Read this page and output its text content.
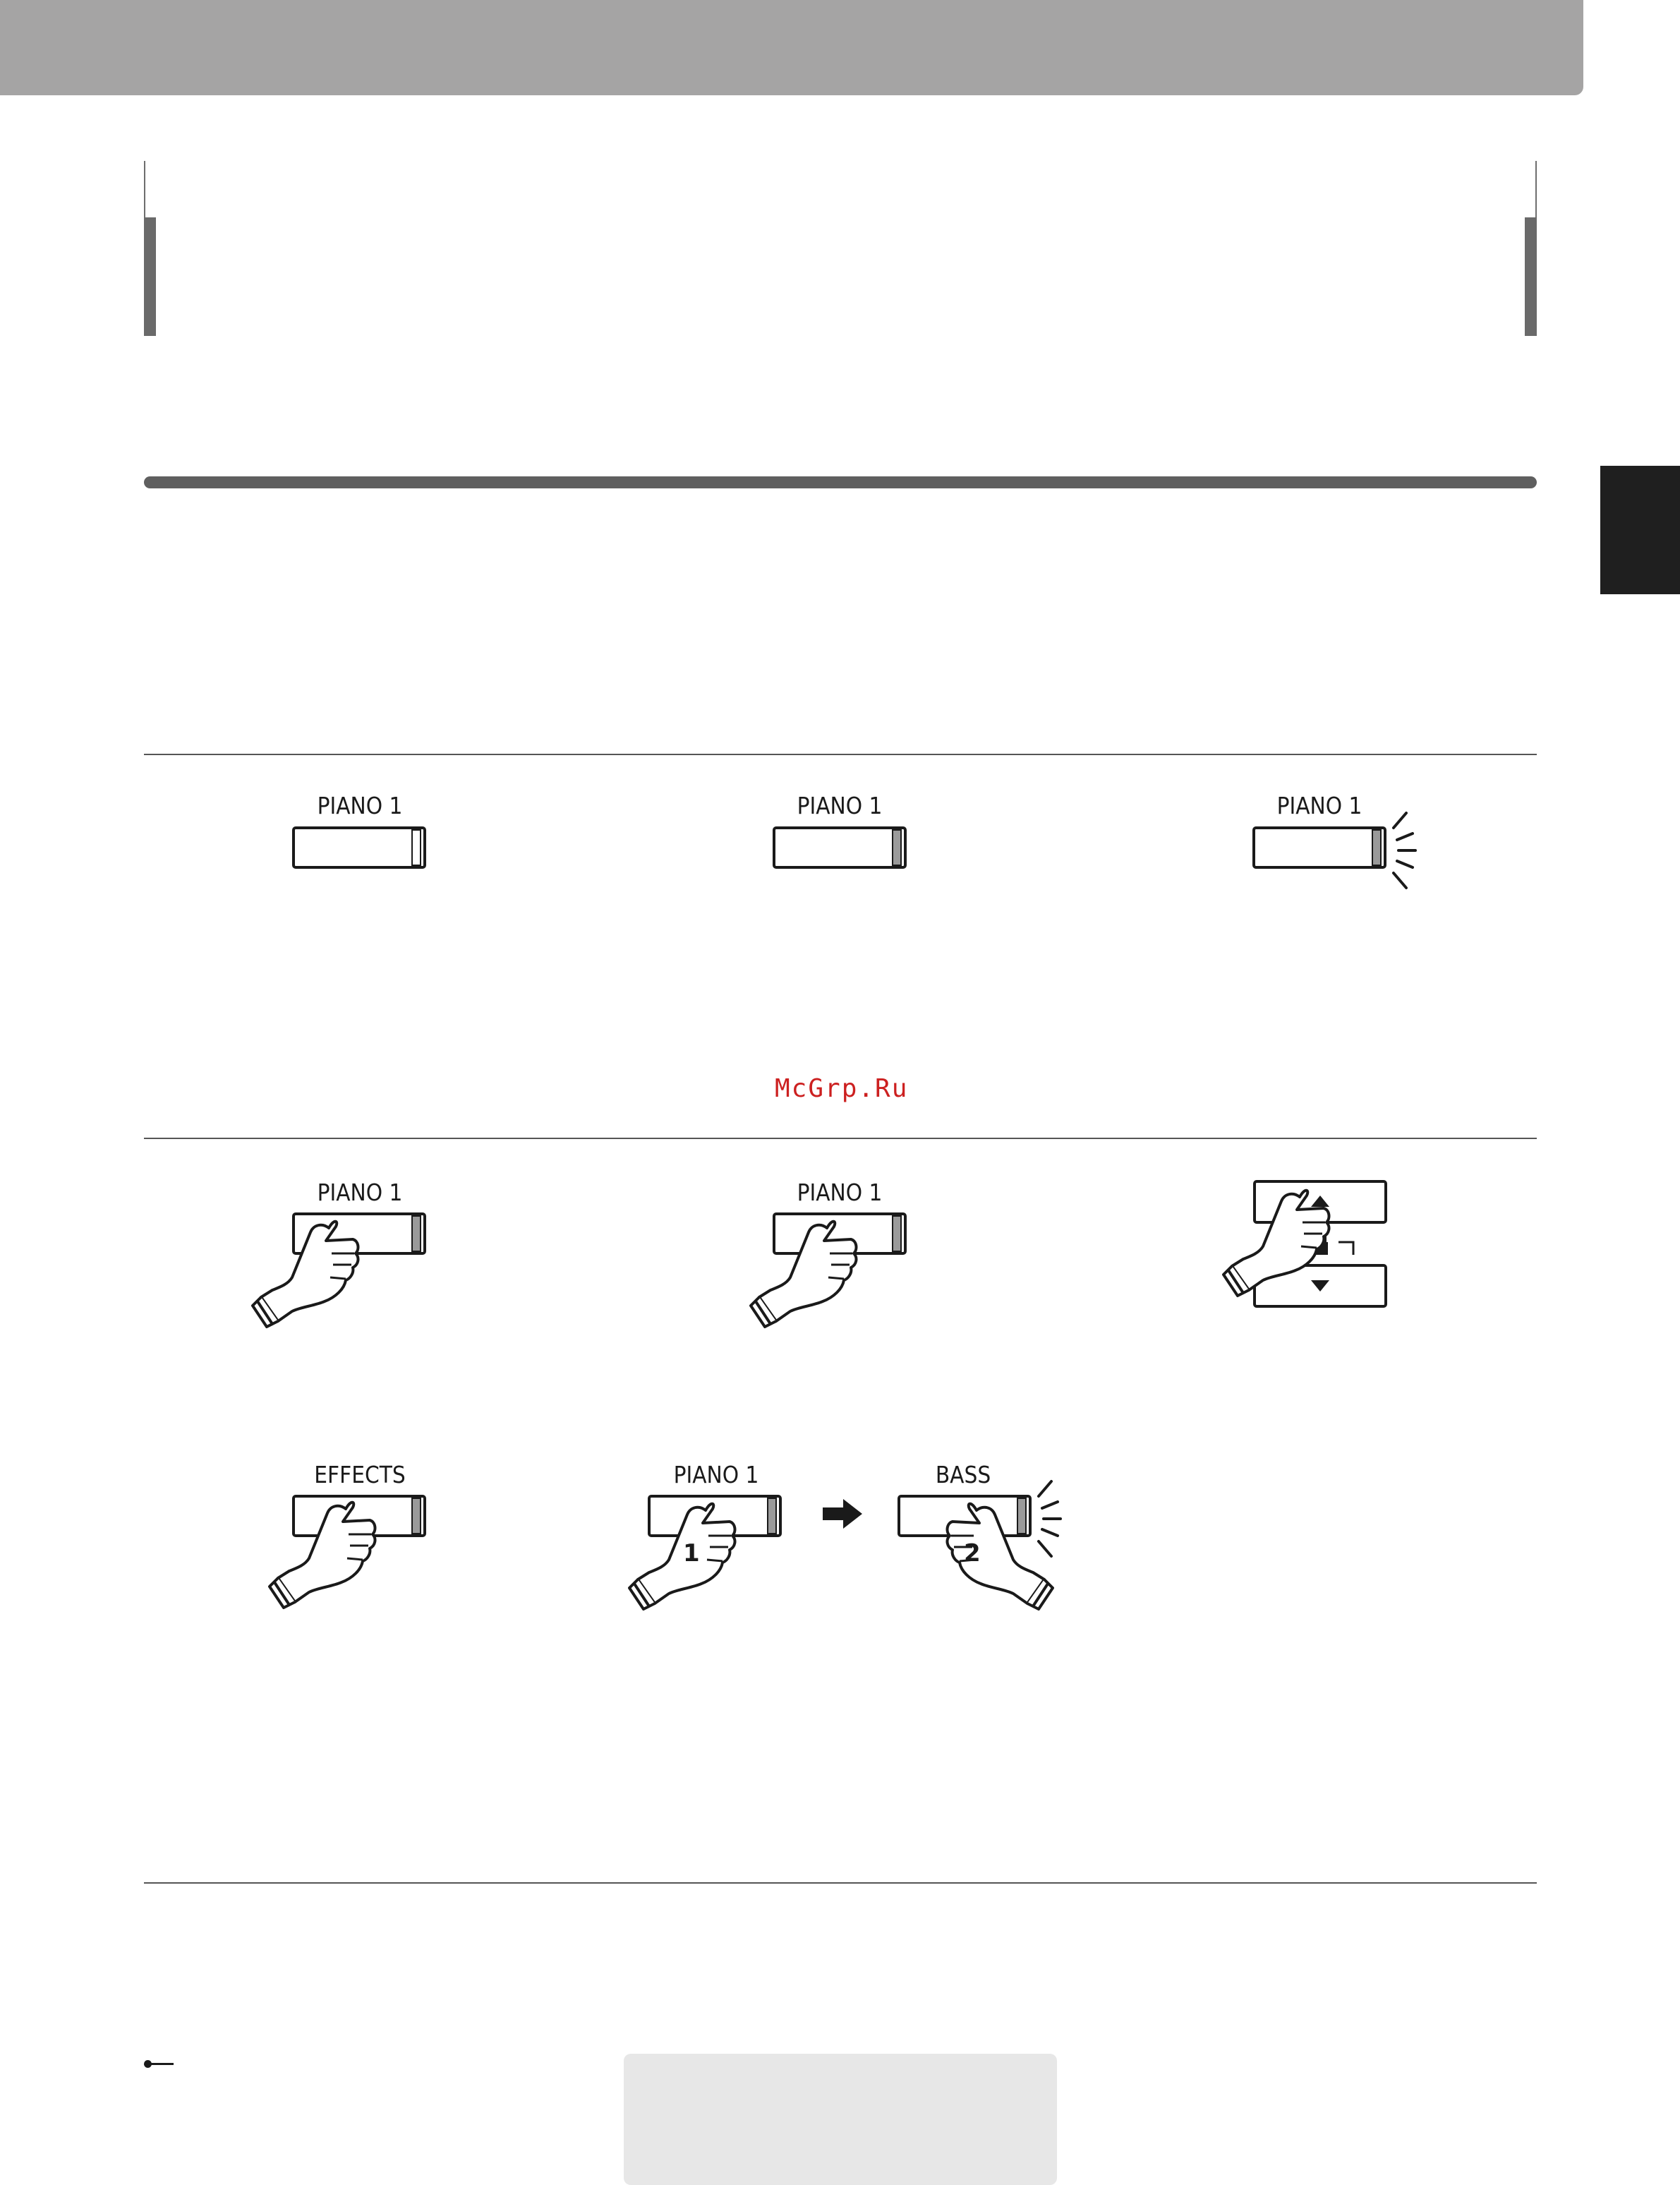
PIANO 1	PIANO 1	PIANO 1
PIANO 1	PIANO 1
EFFECTS	PIANO 1	BASS
McGrp.Ru
1	2
